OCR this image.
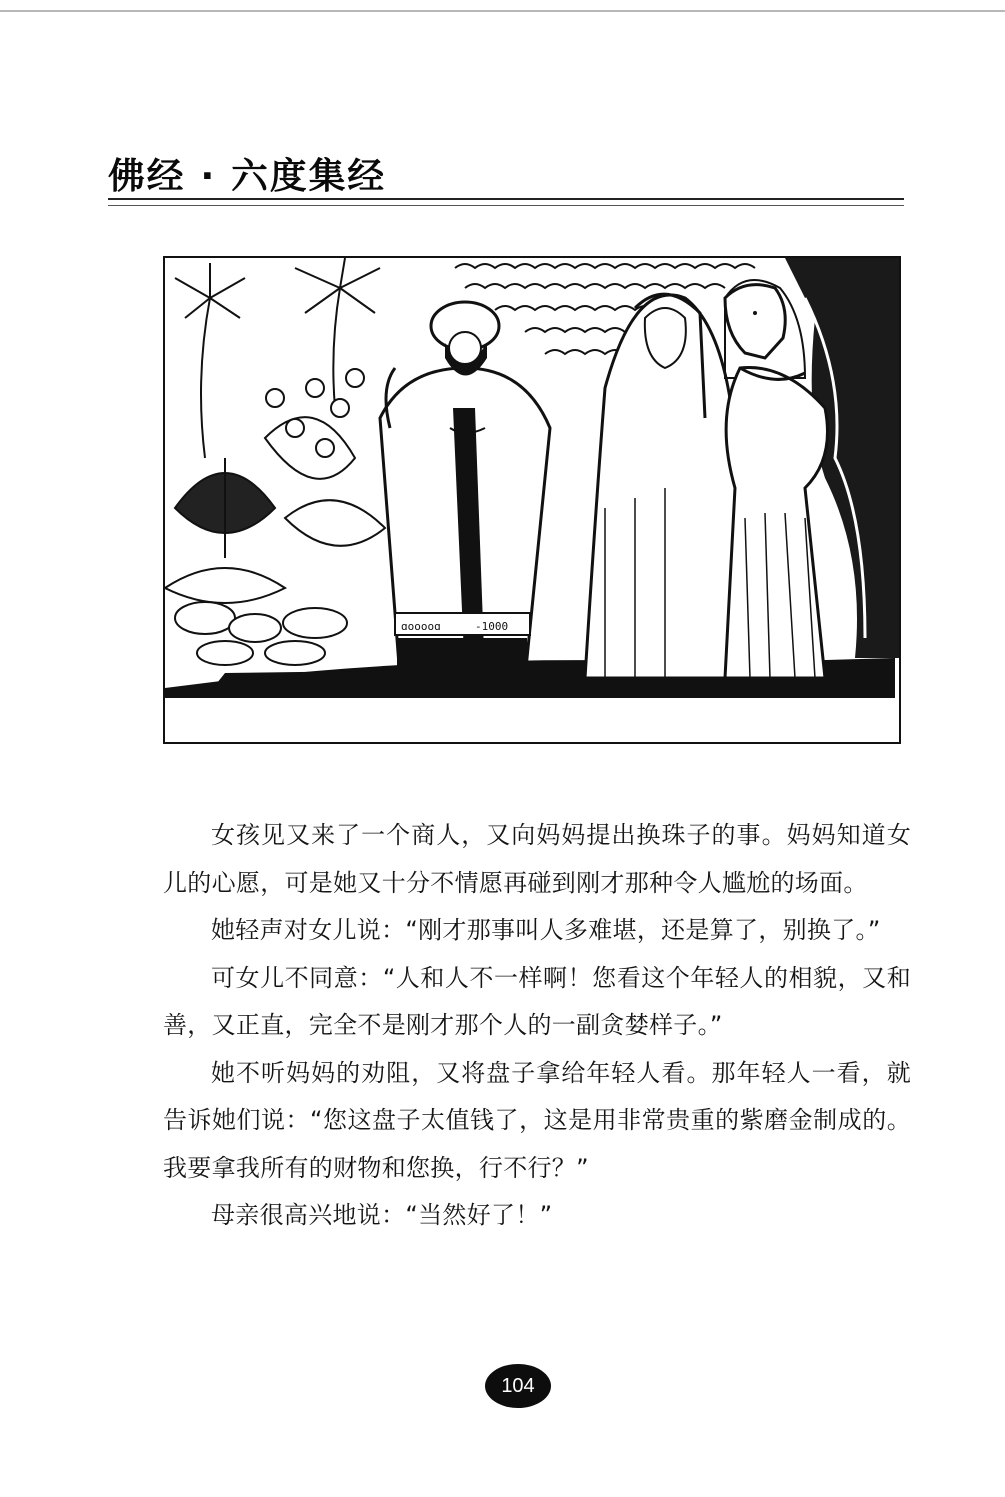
佛经 · 六度集经
ɑooooɑ	-1000

女孩见又来了一个商人，又向妈妈提出换珠子的事。妈妈知道女儿的心愿，可是她又十分不情愿再碰到刚才那种令人尴尬的场面。

她轻声对女儿说：“刚才那事叫人多难堪，还是算了，别换了。”

可女儿不同意：“人和人不一样啊！您看这个年轻人的相貌，又和善，又正直，完全不是刚才那个人的一副贪婪样子。”

她不听妈妈的劝阻，又将盘子拿给年轻人看。那年轻人一看，就告诉她们说：“您这盘子太值钱了，这是用非常贵重的紫磨金制成的。我要拿我所有的财物和您换，行不行？”

母亲很高兴地说：“当然好了！”

104
